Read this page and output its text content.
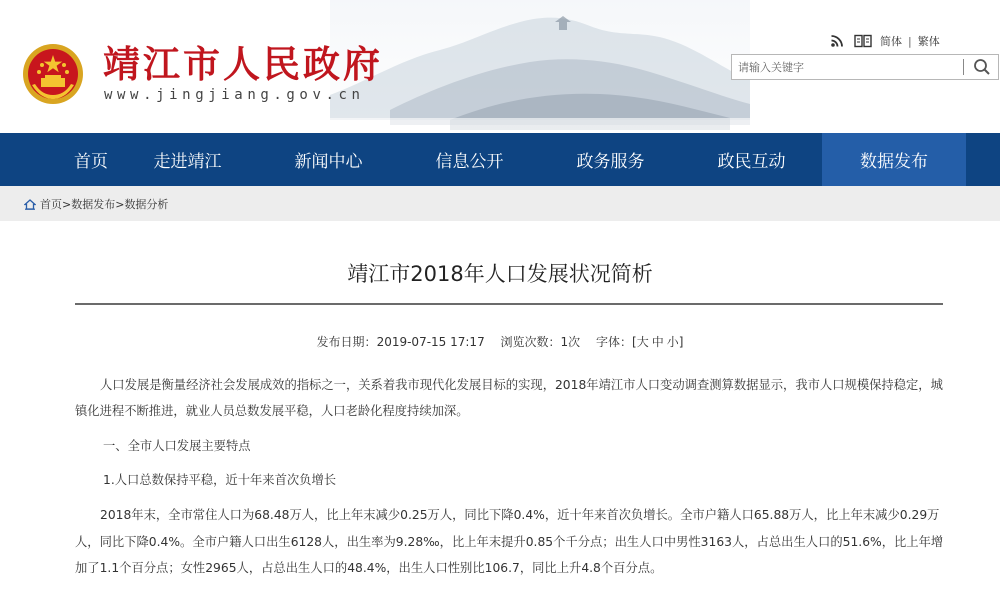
靖江市人民政府
www.jingjiang.gov.cn
简体 | 繁体
请输入关键字
首页	走进靖江	新闻中心	信息公开	政务服务	政民互动	数据发布
首页 > 数据发布 > 数据分析
靖江市2018年人口发展状况简析
发布日期：2019-07-15 17:17 浏览次数：1次 字体：[大 中 小]

人口发展是衡量经济社会发展成效的指标之一，关系着我市现代化发展目标的实现，2018年靖江市人口变动调查测算数据显示，我市人口规模保持稳定，城镇化进程不断推进，就业人员总数发展平稳，人口老龄化程度持续加深。

一、全市人口发展主要特点

1.人口总数保持平稳，近十年来首次负增长

2018年末，全市常住人口为68.48万人，比上年末减少0.25万人，同比下降0.4%，近十年来首次负增长。全市户籍人口65.88万人，比上年末减少0.29万人，同比下降0.4%。全市户籍人口出生6128人，出生率为9.28‰，比上年末提升0.85个千分点；出生人口中男性3163人，占总出生人口的51.6%，比上年增加了1.1个百分点；女性2965人，占总出生人口的48.4%，出生人口性别比106.7，同比上升4.8个百分点。
